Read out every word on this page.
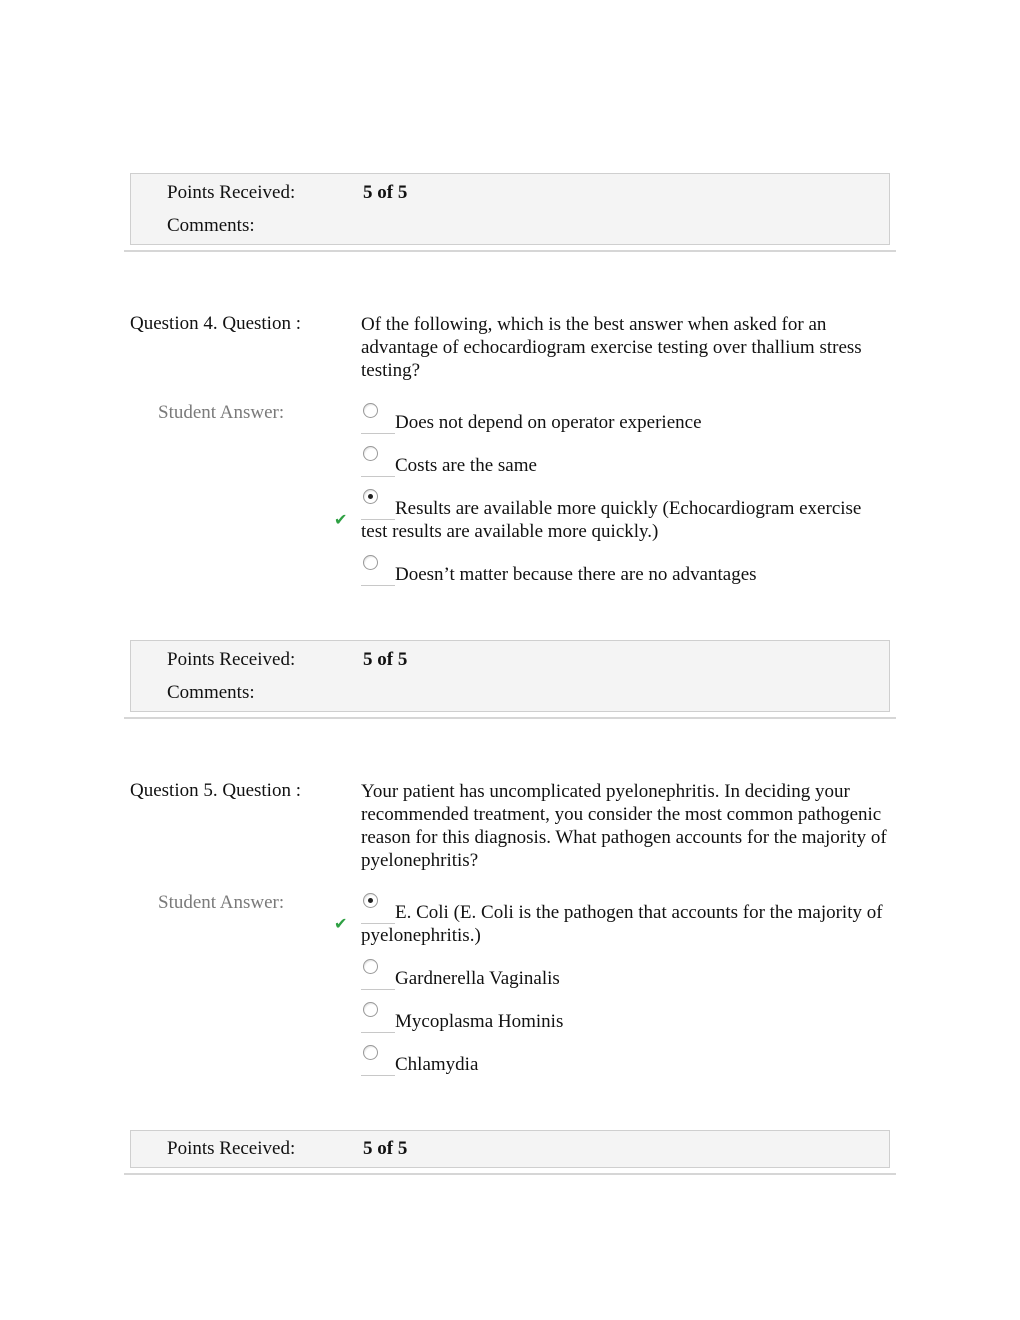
Points Received:	5 of 5
Comments:
Question 4. Question :	Of the following, which is the best answer when asked for an advantage of echocardiogram exercise testing over thallium stress testing?
Student Answer:	Does not depend on operator experience
Costs are the same
Results are available more quickly (Echocardiogram exercise test results are available more quickly.)
✔
Doesn’t matter because there are no advantages
Points Received:	5 of 5
Comments:
Question 5. Question :	Your patient has uncomplicated pyelonephritis. In deciding your recommended treatment, you consider the most common pathogenic reason for this diagnosis. What pathogen accounts for the majority of pyelonephritis?
Student Answer:	E. Coli (E. Coli is the pathogen that accounts for the majority of pyelonephritis.)
✔
Gardnerella Vaginalis
Mycoplasma Hominis
Chlamydia
Points Received:	5 of 5
